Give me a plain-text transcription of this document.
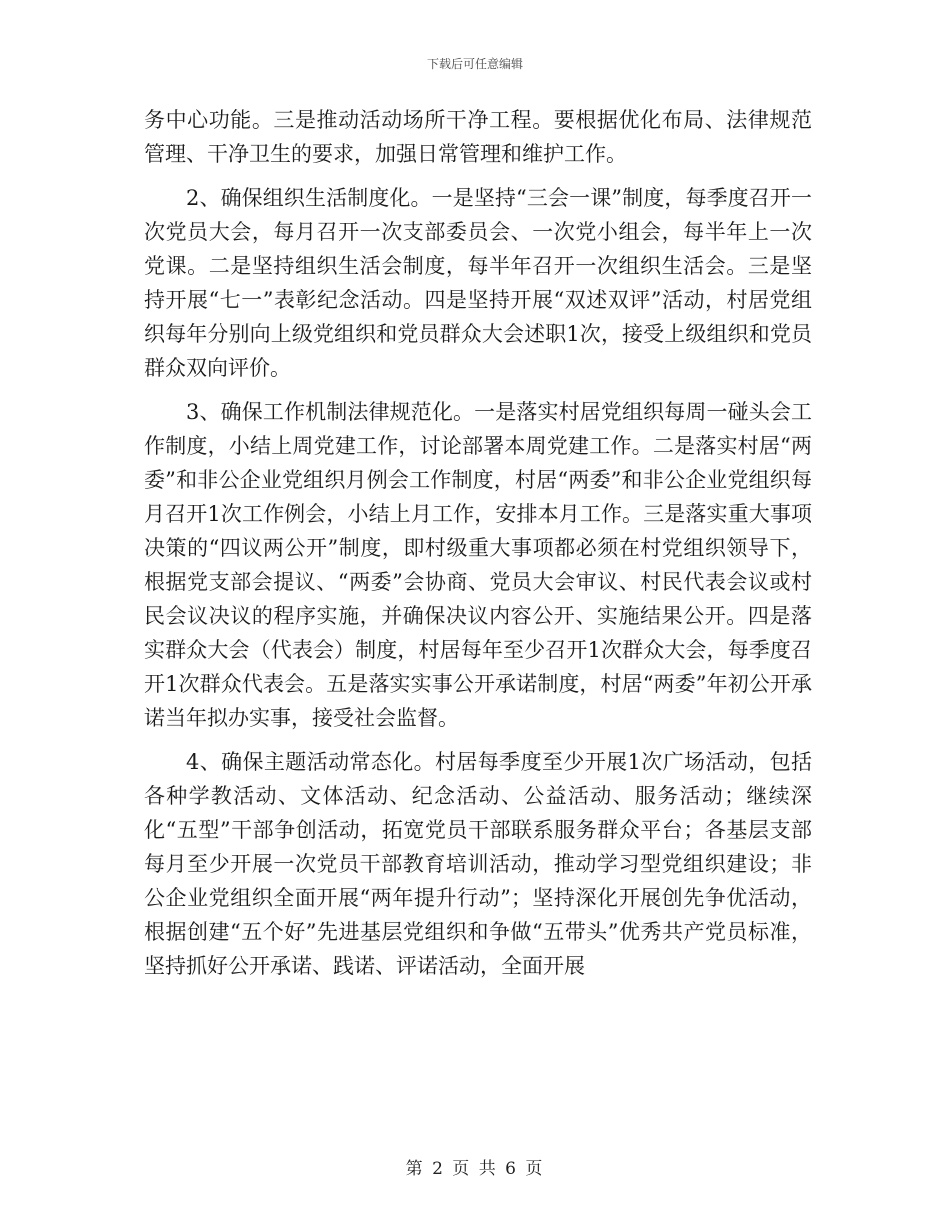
下载后可任意编辑

务中心功能。三是推动活动场所干净工程。要根据优化布局、法律规范管理、干净卫生的要求，加强日常管理和维护工作。

2、确保组织生活制度化。一是坚持“三会一课”制度，每季度召开一次党员大会，每月召开一次支部委员会、一次党小组会，每半年上一次党课。二是坚持组织生活会制度，每半年召开一次组织生活会。三是坚持开展“七一”表彰纪念活动。四是坚持开展“双述双评”活动，村居党组织每年分别向上级党组织和党员群众大会述职1次，接受上级组织和党员群众双向评价。

3、确保工作机制法律规范化。一是落实村居党组织每周一碰头会工作制度，小结上周党建工作，讨论部署本周党建工作。二是落实村居“两委”和非公企业党组织月例会工作制度，村居“两委”和非公企业党组织每月召开1次工作例会，小结上月工作，安排本月工作。三是落实重大事项决策的“四议两公开”制度，即村级重大事项都必须在村党组织领导下，根据党支部会提议、“两委”会协商、党员大会审议、村民代表会议或村民会议决议的程序实施，并确保决议内容公开、实施结果公开。四是落实群众大会（代表会）制度，村居每年至少召开1次群众大会，每季度召开1次群众代表会。五是落实实事公开承诺制度，村居“两委”年初公开承诺当年拟办实事，接受社会监督。

4、确保主题活动常态化。村居每季度至少开展1次广场活动，包括各种学教活动、文体活动、纪念活动、公益活动、服务活动；继续深化“五型”干部争创活动，拓宽党员干部联系服务群众平台；各基层支部每月至少开展一次党员干部教育培训活动，推动学习型党组织建设；非公企业党组织全面开展“两年提升行动”；坚持深化开展创先争优活动，根据创建“五个好”先进基层党组织和争做“五带头”优秀共产党员标准，坚持抓好公开承诺、践诺、评诺活动，全面开展

第 2 页 共 6 页
